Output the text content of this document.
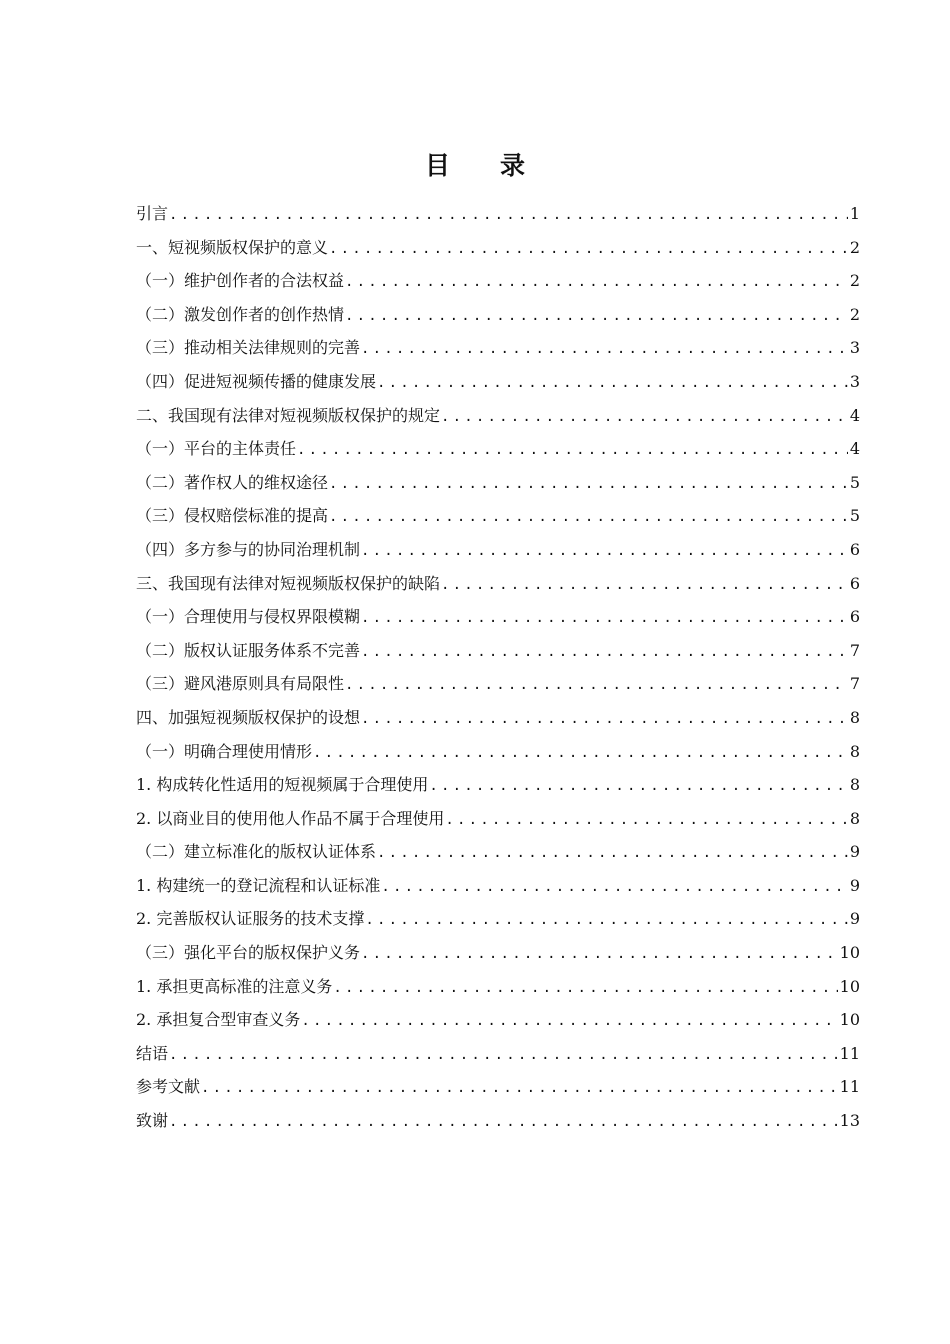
目 录
引言 .....	1
一、短视频版权保护的意义 .....	2
（一）维护创作者的合法权益 .....	2
（二）激发创作者的创作热情 .....	2
（三）推动相关法律规则的完善 .....	3
（四）促进短视频传播的健康发展 .....	3
二、我国现有法律对短视频版权保护的规定 .....	4
（一）平台的主体责任 .....	4
（二）著作权人的维权途径 .....	5
（三）侵权赔偿标准的提高 .....	5
（四）多方参与的协同治理机制 .....	6
三、我国现有法律对短视频版权保护的缺陷 .....	6
（一）合理使用与侵权界限模糊 .....	6
（二）版权认证服务体系不完善 .....	7
（三）避风港原则具有局限性 .....	7
四、加强短视频版权保护的设想 .....	8
（一）明确合理使用情形 .....	8
1. 构成转化性适用的短视频属于合理使用 .....	8
2. 以商业目的使用他人作品不属于合理使用 .....	8
（二）建立标准化的版权认证体系 .....	9
1. 构建统一的登记流程和认证标准 .....	9
2. 完善版权认证服务的技术支撑 .....	9
（三）强化平台的版权保护义务 .....	10
1. 承担更高标准的注意义务 .....	10
2. 承担复合型审查义务 .....	10
结语 .....	11
参考文献 .....	11
致谢 .....	13
